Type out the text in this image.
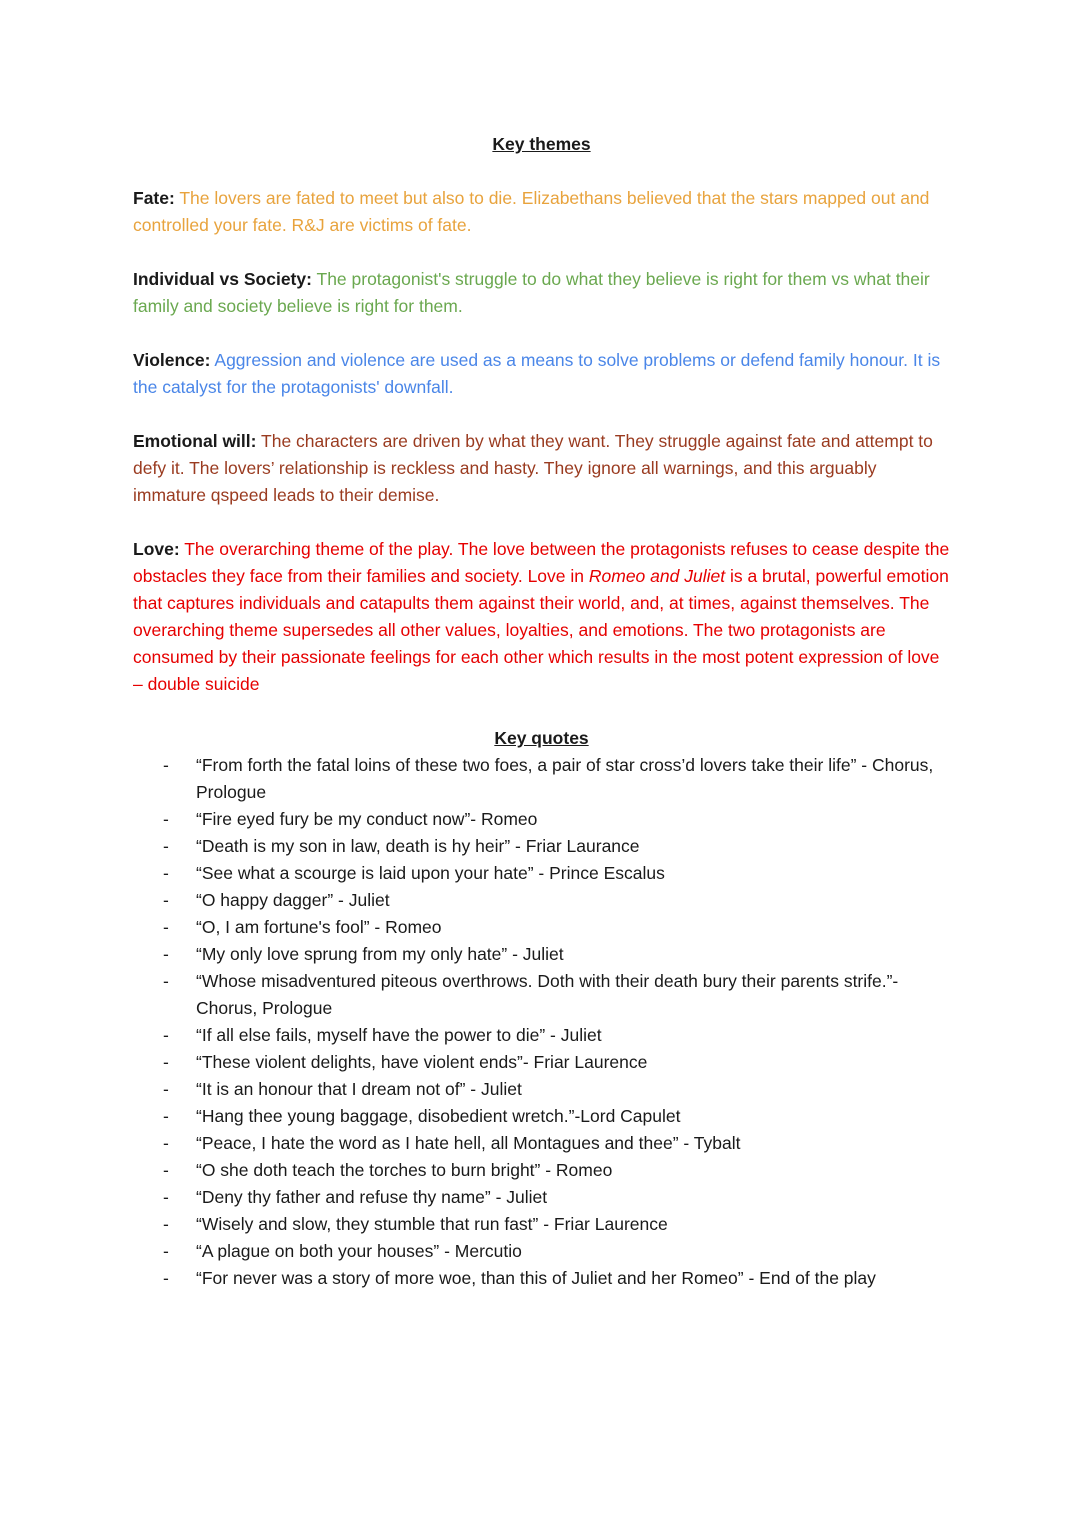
Key themes

Fate: The lovers are fated to meet but also to die. Elizabethans believed that the stars mapped out and controlled your fate. R&J are victims of fate.

Individual vs Society: The protagonist's struggle to do what they believe is right for them vs what their family and society believe is right for them.

Violence: Aggression and violence are used as a means to solve problems or defend family honour. It is the catalyst for the protagonists' downfall.

Emotional will: The characters are driven by what they want. They struggle against fate and attempt to defy it. The lovers’ relationship is reckless and hasty. They ignore all warnings, and this arguably immature qspeed leads to their demise.

Love: The overarching theme of the play. The love between the protagonists refuses to cease despite the obstacles they face from their families and society. Love in Romeo and Juliet is a brutal, powerful emotion that captures individuals and catapults them against their world, and, at times, against themselves. The overarching theme supersedes all other values, loyalties, and emotions. The two protagonists are consumed by their passionate feelings for each other which results in the most potent expression of love – double suicide

Key quotes
-	“From forth the fatal loins of these two foes, a pair of star cross’d lovers take their life” - Chorus, Prologue
-	“Fire eyed fury be my conduct now”- Romeo
-	“Death is my son in law, death is hy heir” - Friar Laurance
-	“See what a scourge is laid upon your hate” - Prince Escalus
-	“O happy dagger” - Juliet
-	“O, I am fortune's fool” - Romeo
-	“My only love sprung from my only hate” - Juliet
-	“Whose misadventured piteous overthrows. Doth with their death bury their parents strife.”- Chorus, Prologue
-	“If all else fails, myself have the power to die” - Juliet
-	“These violent delights, have violent ends”- Friar Laurence
-	“It is an honour that I dream not of” - Juliet
-	“Hang thee young baggage, disobedient wretch.”-Lord Capulet
-	“Peace, I hate the word as I hate hell, all Montagues and thee” - Tybalt
-	“O she doth teach the torches to burn bright” - Romeo
-	“Deny thy father and refuse thy name” - Juliet
-	“Wisely and slow, they stumble that run fast” - Friar Laurence
-	“A plague on both your houses” - Mercutio
-	“For never was a story of more woe, than this of Juliet and her Romeo” - End of the play
